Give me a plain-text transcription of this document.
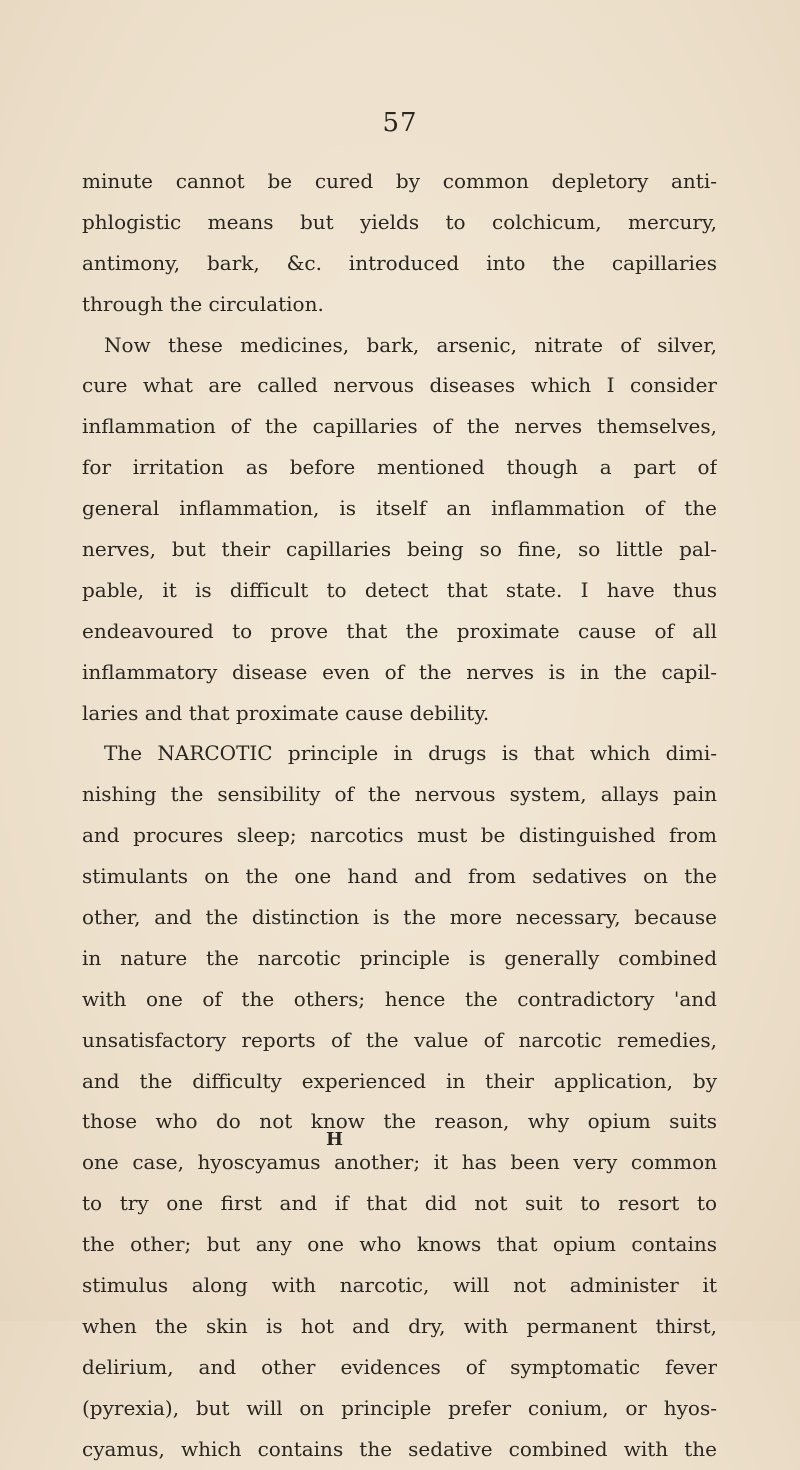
57
minute cannot be cured by common depletory anti-
phlogistic means but yields to colchicum, mercury,
antimony, bark, &c. introduced into the capillaries
through the circulation.
Now these medicines, bark, arsenic, nitrate of silver,
cure what are called nervous diseases which I consider
inflammation of the capillaries of the nerves themselves,
for irritation as before mentioned though a part of
general inflammation, is itself an inflammation of the
nerves, but their capillaries being so fine, so little pal-
pable, it is difficult to detect that state. I have thus
endeavoured to prove that the proximate cause of all
inflammatory disease even of the nerves is in the capil-
laries and that proximate cause debility.
The NARCOTIC principle in drugs is that which dimi-
nishing the sensibility of the nervous system, allays pain
and procures sleep; narcotics must be distinguished from
stimulants on the one hand and from sedatives on the
other, and the distinction is the more necessary, because
in nature the narcotic principle is generally combined
with one of the others; hence the contradictory 'and
unsatisfactory reports of the value of narcotic remedies,
and the difficulty experienced in their application, by
those who do not know the reason, why opium suits
one case, hyoscyamus another; it has been very common
to try one first and if that did not suit to resort to
the other; but any one who knows that opium contains
stimulus along with narcotic, will not administer it
when the skin is hot and dry, with permanent thirst,
delirium, and other evidences of symptomatic fever
(pyrexia), but will on principle prefer conium, or hyos-
cyamus, which contains the sedative combined with the
H
